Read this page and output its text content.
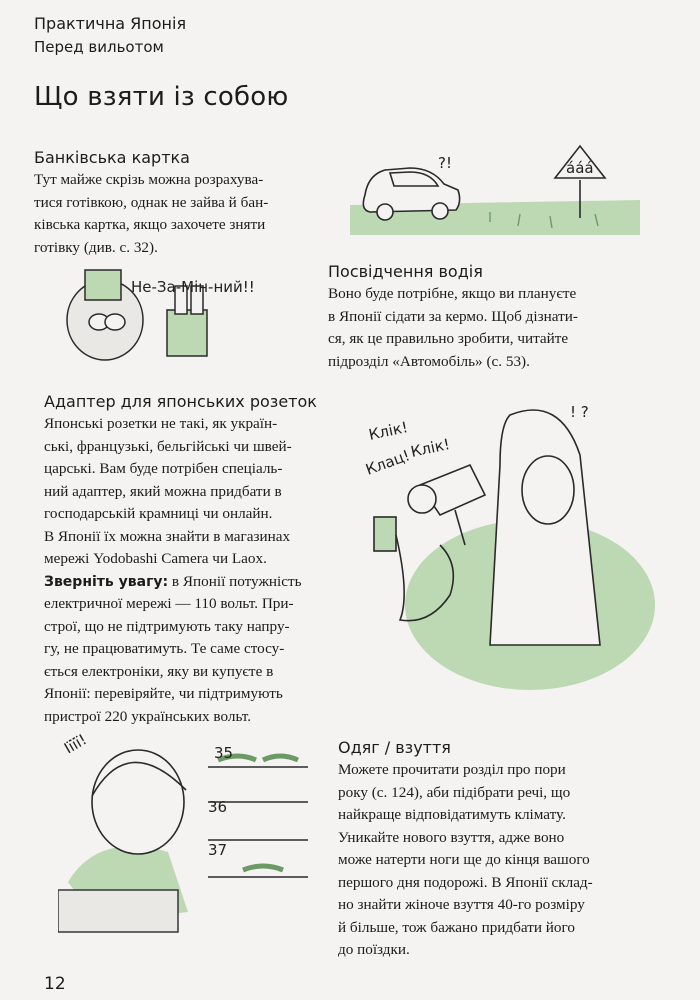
Практична Японія
Перед вильотом
Що взяти із собою
Банківська картка
Тут майже скрізь можна розрахува-
тися готівкою, однак не зайва й бан-
ківська картка, якщо захочете зняти
готівку (див. с. 32).
?!	ááá
Не-За-Мін-ний!!
Посвідчення водія
Воно буде потрібне, якщо ви плануєте
в Японії сідати за кермо. Щоб дізнати-
ся, як це правильно зробити, читайте
підрозділ «Автомобіль» (с. 53).
Адаптер для японських розеток
Японські розетки не такі, як україн-
ські, французькі, бельгійські чи швей-
царські. Вам буде потрібен спеціаль-
ний адаптер, який можна придбати в
господарській крамниці чи онлайн.
В Японії їх можна знайти в магазинах
мережі Yodobashi Camera чи Laox.
Зверніть увагу: в Японії потужність
електричної мережі — 110 вольт. При-
строї, що не підтримують таку напру-
гу, не працюватимуть. Те саме стосу-
ється електроніки, яку ви купуєте в
Японії: перевіряйте, чи підтримують
пристрої 220 українських вольт.
Клік!
Клік!
Клац!
! ?
Іїїї!	35
36
37
Одяг / взуття
Можете прочитати розділ про пори
року (с. 124), аби підібрати речі, що
найкраще відповідатимуть клімату.
Уникайте нового взуття, адже воно
може натерти ноги ще до кінця вашого
першого дня подорожі. В Японії склад-
но знайти жіноче взуття 40-го розміру
й більше, тож бажано придбати його
до поїздки.
12
